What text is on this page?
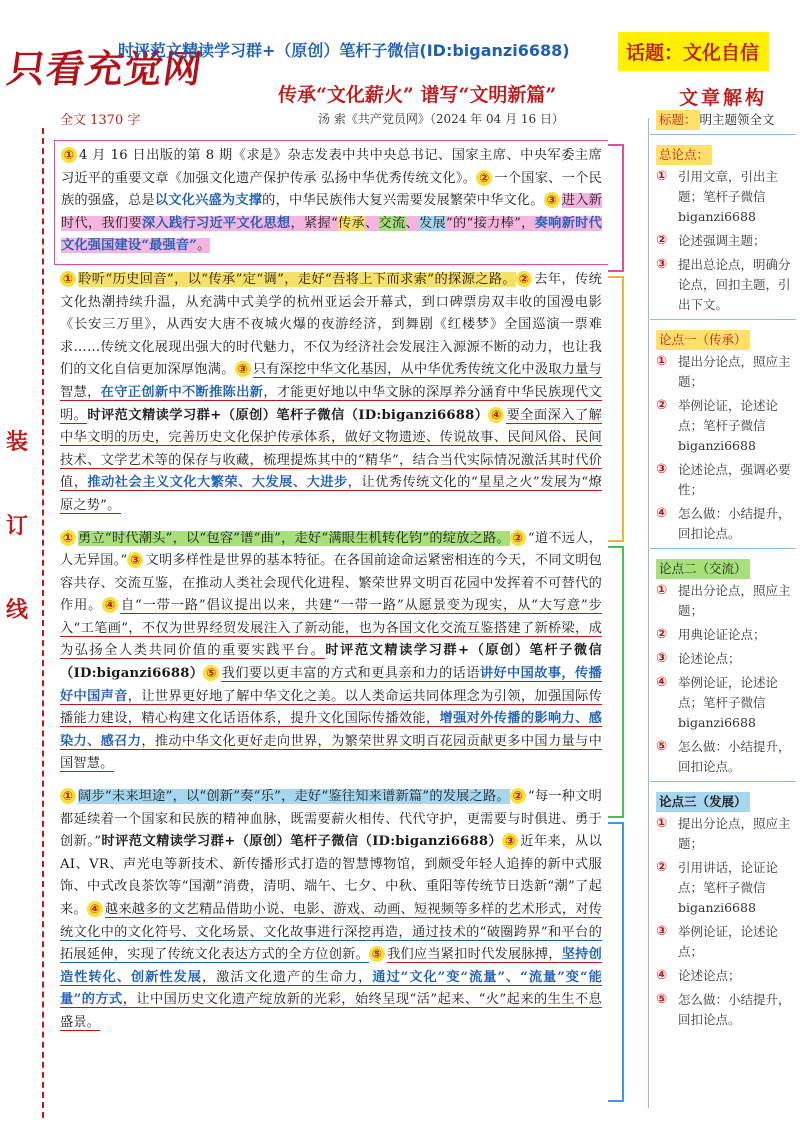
只看充觉网
时评范文精读学习群+（原创）笔杆子微信(ID:biganzi6688)	话题：文化自信
传承“文化薪火” 谱写“文明新篇”
汤 索《共产党员网》（2024 年 04 月 16 日）
全文 1370 字
装
订
线

① 4 月 16 日出版的第 8 期《求是》杂志发表中共中央总书记、国家主席、中央军委主席习近平的重要文章《加强文化遗产保护传承 弘扬中华优秀传统文化》。 ② 一个国家、一个民族的强盛，总是以文化兴盛为支撑的，中华民族伟大复兴需要发展繁荣中华文化。 ③ 进入新时代，我们要深入践行习近平文化思想，紧握“传承、交流、发展”的“接力棒”，奏响新时代文化强国建设“最强音”。

① 聆听“历史回音”，以“传承”定“调”，走好“吾将上下而求索”的探源之路。 ② 去年，传统文化热潮持续升温，从充满中式美学的杭州亚运会开幕式，到口碑票房双丰收的国漫电影《长安三万里》，从西安大唐不夜城火爆的夜游经济，到舞剧《红楼梦》全国巡演一票难求……传统文化展现出强大的时代魅力，不仅为经济社会发展注入源源不断的动力，也让我们的文化自信更加深厚饱满。 ③ 只有深挖中华文化基因，从中华优秀传统文化中汲取力量与智慧，在守正创新中不断推陈出新，才能更好地以中华文脉的深厚养分涵育中华民族现代文明。时评范文精读学习群+（原创）笔杆子微信（ID:biganzi6688） ④ 要全面深入了解中华文明的历史，完善历史文化保护传承体系，做好文物遗迹、传说故事、民间风俗、民间技术、文学艺术等的保存与收藏，梳理提炼其中的“精华”，结合当代实际情况激活其时代价值，推动社会主义文化大繁荣、大发展、大进步，让优秀传统文化的“星星之火”发展为“燎原之势”。

① 勇立“时代潮头”，以“包容”谱“曲”，走好“满眼生机转化钧”的绽放之路。 ② “道不远人，人无异国。” ③ 文明多样性是世界的基本特征。在各国前途命运紧密相连的今天，不同文明包容共存、交流互鉴，在推动人类社会现代化进程、繁荣世界文明百花园中发挥着不可替代的作用。 ④ 自“一带一路”倡议提出以来，共建“一带一路”从愿景变为现实，从“大写意”步入“工笔画”，不仅为世界经贸发展注入了新动能，也为各国文化交流互鉴搭建了新桥梁，成为弘扬全人类共同价值的重要实践平台。时评范文精读学习群+（原创）笔杆子微信（ID:biganzi6688） ⑤ 我们要以更丰富的方式和更具亲和力的话语讲好中国故事，传播好中国声音，让世界更好地了解中华文化之美。以人类命运共同体理念为引领，加强国际传播能力建设，精心构建文化话语体系，提升文化国际传播效能，增强对外传播的影响力、感染力、感召力，推动中华文化更好走向世界，为繁荣世界文明百花园贡献更多中国力量与中国智慧。

① 阔步“未来坦途”，以“创新”奏“乐”，走好“鉴往知来谱新篇”的发展之路。 ② “每一种文明都延续着一个国家和民族的精神血脉，既需要薪火相传、代代守护，更需要与时俱进、勇于创新。”时评范文精读学习群+（原创）笔杆子微信（ID:biganzi6688） ③ 近年来，从以 AI、VR、声光电等新技术、新传播形式打造的智慧博物馆，到颇受年轻人追捧的新中式服饰、中式改良茶饮等“国潮”消费，清明、端午、七夕、中秋、重阳等传统节日迭新“潮”了起来。 ④ 越来越多的文艺精品借助小说、电影、游戏、动画、短视频等多样的艺术形式，对传统文化中的文化符号、文化场景、文化故事进行深挖再造，通过技术的“破圈跨界”和平台的拓展延伸，实现了传统文化表达方式的全方位创新。 ⑤ 我们应当紧扣时代发展脉搏，坚持创造性转化、创新性发展，激活文化遗产的生命力，通过“文化”变“流量”、“流量”变“能量”的方式，让中国历史文化遗产绽放新的光彩，始终呈现“活”起来、“火”起来的生生不息盛景。

文章解构
标题： 明主题领全文
总论点：
① 引用文章，引出主题；笔杆子微信 biganzi6688
② 论述强调主题；
③ 提出总论点，明确分论点，回扣主题，引出下文。
论点一（传承）
① 提出分论点，照应主题；
② 举例论证，论述论点；笔杆子微信 biganzi6688
③ 论述论点，强调必要性；
④ 怎么做：小结提升，回扣论点。
论点二（交流）
① 提出分论点，照应主题；
② 用典论证论点；
③ 论述论点；
④ 举例论证，论述论点；笔杆子微信 biganzi6688
⑤ 怎么做：小结提升，回扣论点。
论点三（发展）
① 提出分论点，照应主题；
② 引用讲话，论证论点；笔杆子微信 biganzi6688
③ 举例论证，论述论点；
④ 论述论点；
⑤ 怎么做：小结提升，回扣论点。
